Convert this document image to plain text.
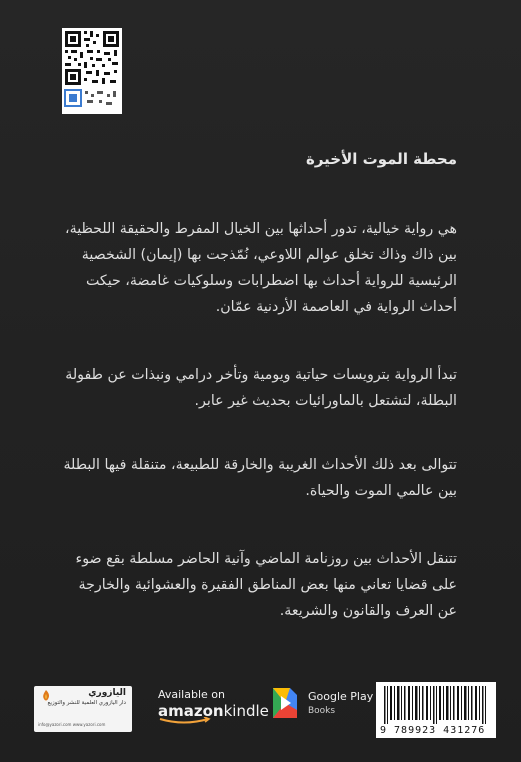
محطة الموت الأخيرة

هي رواية خيالية، تدور أحداثها بين الخيال المفرط والحقيقة اللحظية، بين ذاك وذاك تخلق عوالم اللاوعي، نُمّذجت بها (إيمان) الشخصية الرئيسية للرواية أحداث بها اضطرابات وسلوكيات غامضة، حيكت أحداث الرواية في العاصمة الأردنية عمّان.

تبدأ الرواية بترويسات حياتية ويومية وتأخر درامي ونبذات عن طفولة البطلة، لتشتعل بالماورائيات بحديث غير عابر.

تتوالى بعد ذلك الأحداث الغريبة والخارقة للطبيعة، متنقلة فيها البطلة بين عالمي الموت والحياة.

تتنقل الأحداث بين روزنامة الماضي وآنية الحاضر مسلطة بقع ضوء على قضايا تعاني منها بعض المناطق الفقيرة والعشوائية والخارجة عن العرف والقانون والشريعة.

اليازوري
دار اليازوري العلمية للنشر والتوزيع
info@yazori.com www.yazori.com
Available on
amazonkindle
Google Play
Books
9 789923 431276
